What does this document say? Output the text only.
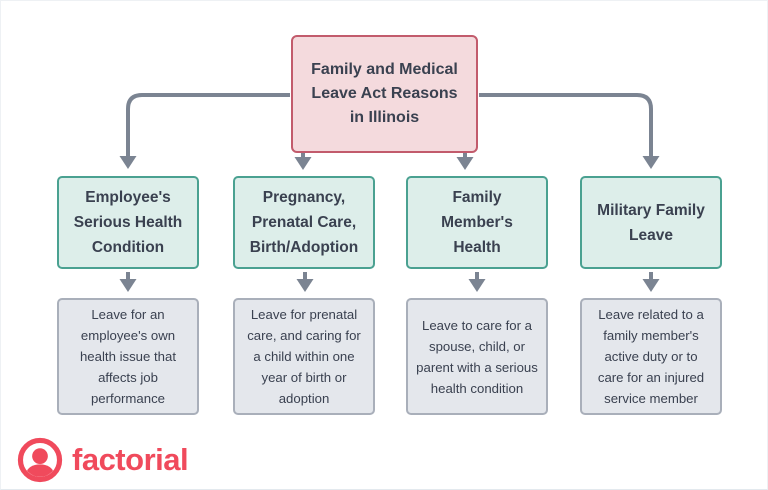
Family and Medical Leave Act Reasons in Illinois
Employee's Serious Health Condition
Pregnancy, Prenatal Care, Birth/Adoption
Family Member's Health
Military Family Leave
Leave for an employee's own health issue that affects job performance
Leave for prenatal care, and caring for a child within one year of birth or adoption
Leave to care for a spouse, child, or parent with a serious health condition
Leave related to a family member's active duty or to care for an injured service member
factorial
